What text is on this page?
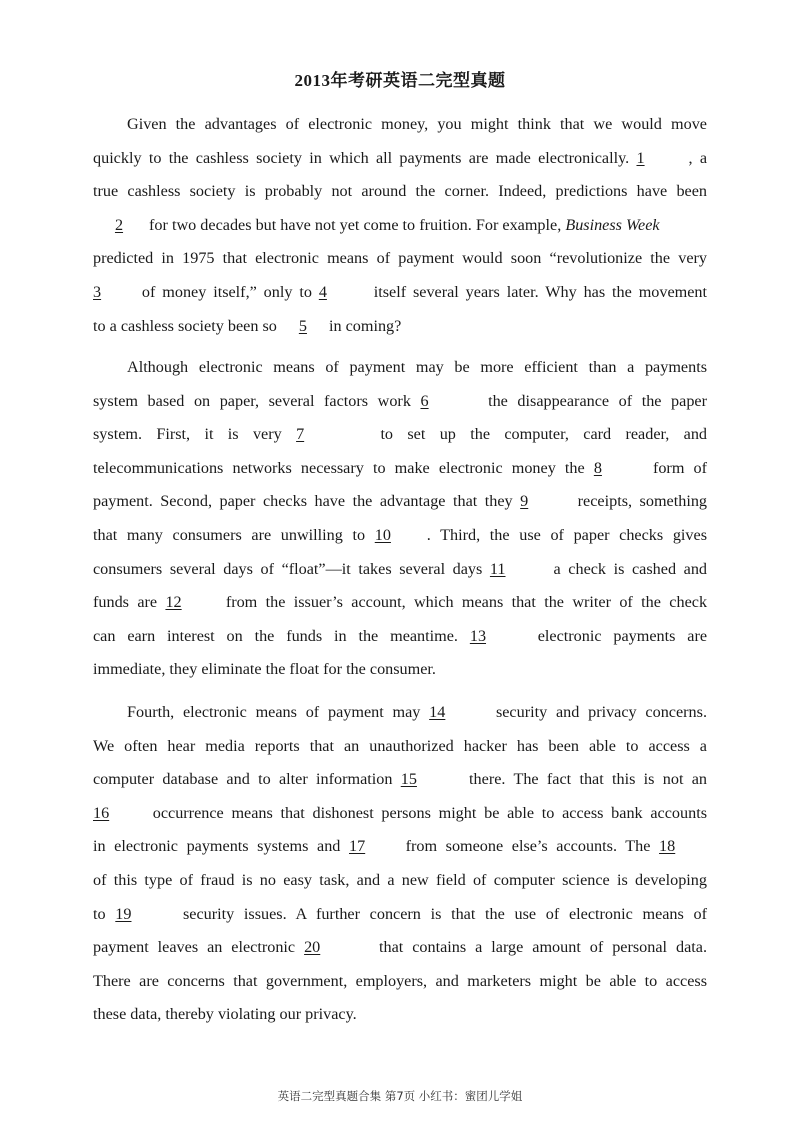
2013年考研英语二完型真题
Given the advantages of electronic money, you might think that we would move
quickly to the cashless society in which all payments are made electronically. 1	, a
true cashless society is probably not around the corner. Indeed, predictions have been
2 for two decades but have not yet come to fruition. For example, Business Week
predicted in 1975 that electronic means of payment would soon “revolutionize the very
3	of money itself,” only to 4	itself several years later. Why has the movement
to a cashless society been so 5 in coming?
Although electronic means of payment may be more efficient than a payments
system based on paper, several factors work 6	the disappearance of the paper
system. First, it is very 7	to set up the computer, card reader, and
telecommunications networks necessary to make electronic money the 8	form of
payment. Second, paper checks have the advantage that they 9	receipts, something
that many consumers are unwilling to 10 . Third, the use of paper checks gives
consumers several days of “float”—it takes several days 11	a check is cashed and
funds are 12	from the issuer’s account, which means that the writer of the check
can earn interest on the funds in the meantime. 13	electronic payments are
immediate, they eliminate the float for the consumer.
Fourth, electronic means of payment may 14	security and privacy concerns.
We often hear media reports that an unauthorized hacker has been able to access a
computer database and to alter information 15	there. The fact that this is not an
16	occurrence means that dishonest persons might be able to access bank accounts
in electronic payments systems and 17 from someone else’s accounts. The 18
of this type of fraud is no easy task, and a new field of computer science is developing
to 19	security issues. A further concern is that the use of electronic means of
payment leaves an electronic 20	that contains a large amount of personal data.
There are concerns that government, employers, and marketers might be able to access
these data, thereby violating our privacy.
英语二完型真题合集 第7页 小红书：蜜团儿学姐
